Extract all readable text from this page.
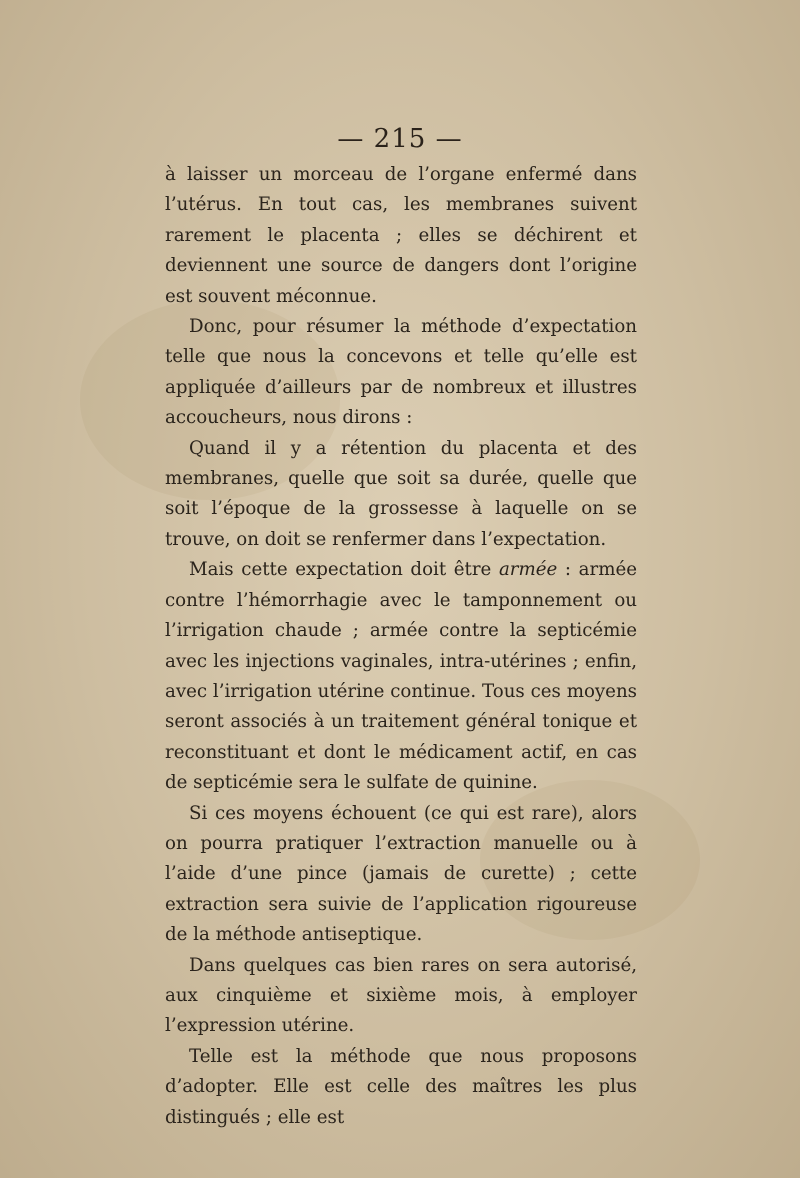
— 215 —

à laisser un morceau de l’organe enfermé dans l’utérus. En tout cas, les membranes suivent rarement le placenta ; elles se déchirent et deviennent une source de dangers dont l’origine est souvent méconnue.

Donc, pour résumer la méthode d’expectation telle que nous la concevons et telle qu’elle est appliquée d’ailleurs par de nombreux et illustres accoucheurs, nous dirons :

Quand il y a rétention du placenta et des membranes, quelle que soit sa durée, quelle que soit l’époque de la grossesse à laquelle on se trouve, on doit se renfermer dans l’expectation.

Mais cette expectation doit être armée : armée contre l’hémorrhagie avec le tamponnement ou l’irrigation chaude ; armée contre la septicémie avec les injections vaginales, intra-utérines ; enfin, avec l’irrigation utérine continue. Tous ces moyens seront associés à un traitement général tonique et reconstituant et dont le médicament actif, en cas de septicémie sera le sulfate de quinine.

Si ces moyens échouent (ce qui est rare), alors on pourra pratiquer l’extraction manuelle ou à l’aide d’une pince (jamais de curette) ; cette extraction sera suivie de l’application rigoureuse de la méthode antiseptique.

Dans quelques cas bien rares on sera autorisé, aux cinquième et sixième mois, à employer l’expression utérine.

Telle est la méthode que nous proposons d’adopter. Elle est celle des maîtres les plus distingués ; elle est
